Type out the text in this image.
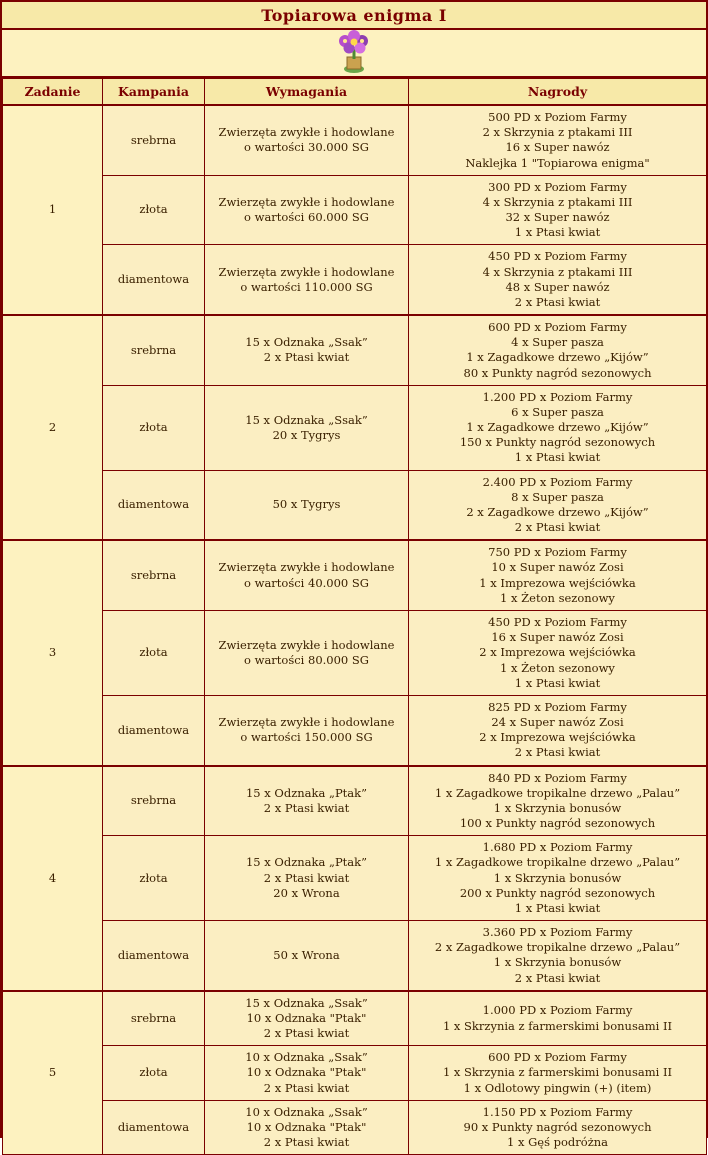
Topiarowa enigma I
Zadanie	Kampania	Wymagania	Nagrody
1	srebrna	Zwierzęta zwykłe i hodowlane
o wartości 30.000 SG	500 PD x Poziom Farmy
2 x Skrzynia z ptakami III
16 x Super nawóz
Naklejka 1 "Topiarowa enigma"

	złota	Zwierzęta zwykłe i hodowlane
o wartości 60.000 SG	300 PD x Poziom Farmy
4 x Skrzynia z ptakami III
32 x Super nawóz
1 x Ptasi kwiat

	diamentowa	Zwierzęta zwykłe i hodowlane
o wartości 110.000 SG	450 PD x Poziom Farmy
4 x Skrzynia z ptakami III
48 x Super nawóz
2 x Ptasi kwiat

2	srebrna	15 x Odznaka „Ssak”
2 x Ptasi kwiat	600 PD x Poziom Farmy
4 x Super pasza
1 x Zagadkowe drzewo „Kijów”
80 x Punkty nagród sezonowych

	złota	15 x Odznaka „Ssak”
20 x Tygrys	1.200 PD x Poziom Farmy
6 x Super pasza
1 x Zagadkowe drzewo „Kijów”
150 x Punkty nagród sezonowych
1 x Ptasi kwiat

	diamentowa	50 x Tygrys	2.400 PD x Poziom Farmy
8 x Super pasza
2 x Zagadkowe drzewo „Kijów”
2 x Ptasi kwiat

3	srebrna	Zwierzęta zwykłe i hodowlane
o wartości 40.000 SG	750 PD x Poziom Farmy
10 x Super nawóz Zosi
1 x Imprezowa wejściówka
1 x Żeton sezonowy

	złota	Zwierzęta zwykłe i hodowlane
o wartości 80.000 SG	450 PD x Poziom Farmy
16 x Super nawóz Zosi
2 x Imprezowa wejściówka
1 x Żeton sezonowy
1 x Ptasi kwiat

	diamentowa	Zwierzęta zwykłe i hodowlane
o wartości 150.000 SG	825 PD x Poziom Farmy
24 x Super nawóz Zosi
2 x Imprezowa wejściówka
2 x Ptasi kwiat

4	srebrna	15 x Odznaka „Ptak”
2 x Ptasi kwiat	840 PD x Poziom Farmy
1 x Zagadkowe tropikalne drzewo „Palau”
1 x Skrzynia bonusów
100 x Punkty nagród sezonowych

	złota	15 x Odznaka „Ptak”
2 x Ptasi kwiat
20 x Wrona	1.680 PD x Poziom Farmy
1 x Zagadkowe tropikalne drzewo „Palau”
1 x Skrzynia bonusów
200 x Punkty nagród sezonowych
1 x Ptasi kwiat

	diamentowa	50 x Wrona	3.360 PD x Poziom Farmy
2 x Zagadkowe tropikalne drzewo „Palau”
1 x Skrzynia bonusów
2 x Ptasi kwiat

5	srebrna	15 x Odznaka „Ssak”
10 x Odznaka "Ptak"
2 x Ptasi kwiat	1.000 PD x Poziom Farmy
1 x Skrzynia z farmerskimi bonusami II

	złota	10 x Odznaka „Ssak”
10 x Odznaka "Ptak"
2 x Ptasi kwiat	600 PD x Poziom Farmy
1 x Skrzynia z farmerskimi bonusami II
1 x Odlotowy pingwin (+) (item)

	diamentowa	10 x Odznaka „Ssak”
10 x Odznaka "Ptak"
2 x Ptasi kwiat	1.150 PD x Poziom Farmy
90 x Punkty nagród sezonowych
1 x Gęś podróżna
